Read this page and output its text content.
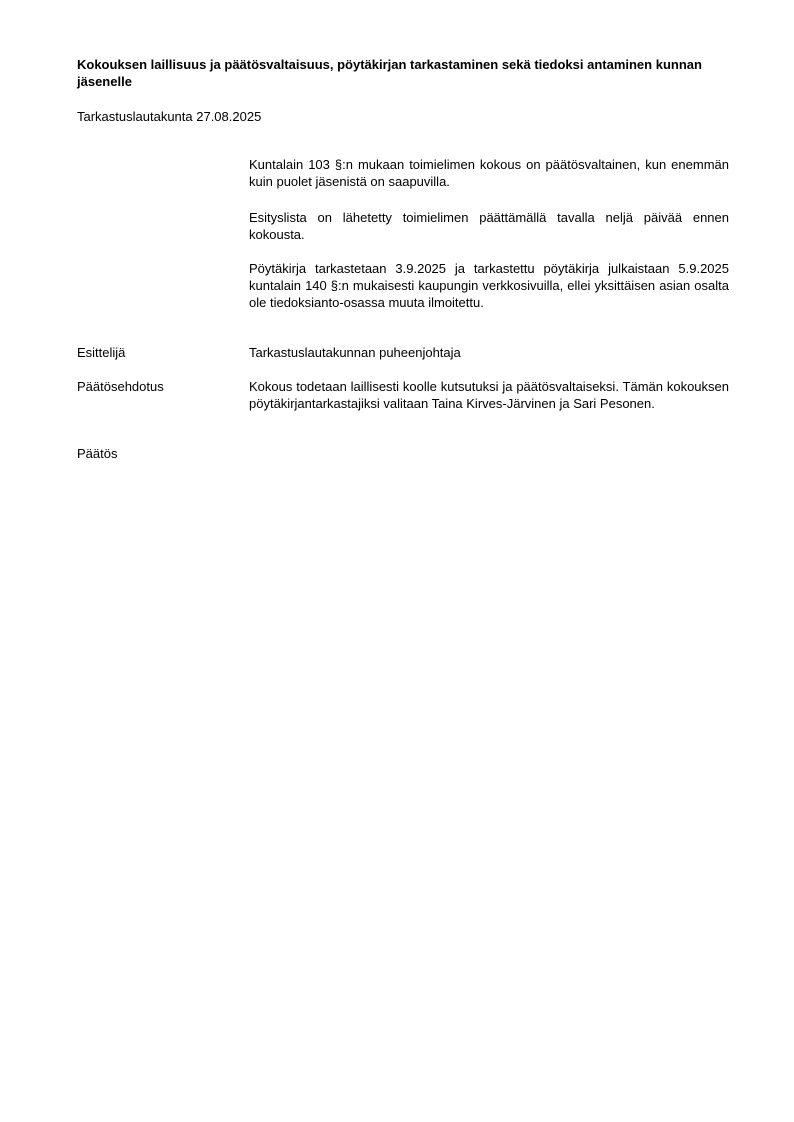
Kokouksen laillisuus ja päätösvaltaisuus, pöytäkirjan tarkastaminen sekä tiedoksi antaminen kunnan jäsenelle
Tarkastuslautakunta 27.08.2025

Kuntalain 103 §:n mukaan toimielimen kokous on päätösvaltainen, kun enemmän kuin puolet jäsenistä on saapuvilla.

Esityslista on lähetetty toimielimen päättämällä tavalla neljä päivää ennen kokousta.

Pöytäkirja tarkastetaan 3.9.2025 ja tarkastettu pöytäkirja julkaistaan 5.9.2025 kuntalain 140 §:n mukaisesti kaupungin verkkosivuilla, ellei yksittäisen asian osalta ole tiedoksianto-osassa muuta ilmoitettu.

Esittelijä	Tarkastuslautakunnan puheenjohtaja

Päätösehdotus	Kokous todetaan laillisesti koolle kutsutuksi ja päätösvaltaiseksi. Tämän kokouksen pöytäkirjantarkastajiksi valitaan Taina Kirves-Järvinen ja Sari Pesonen.

Päätös
